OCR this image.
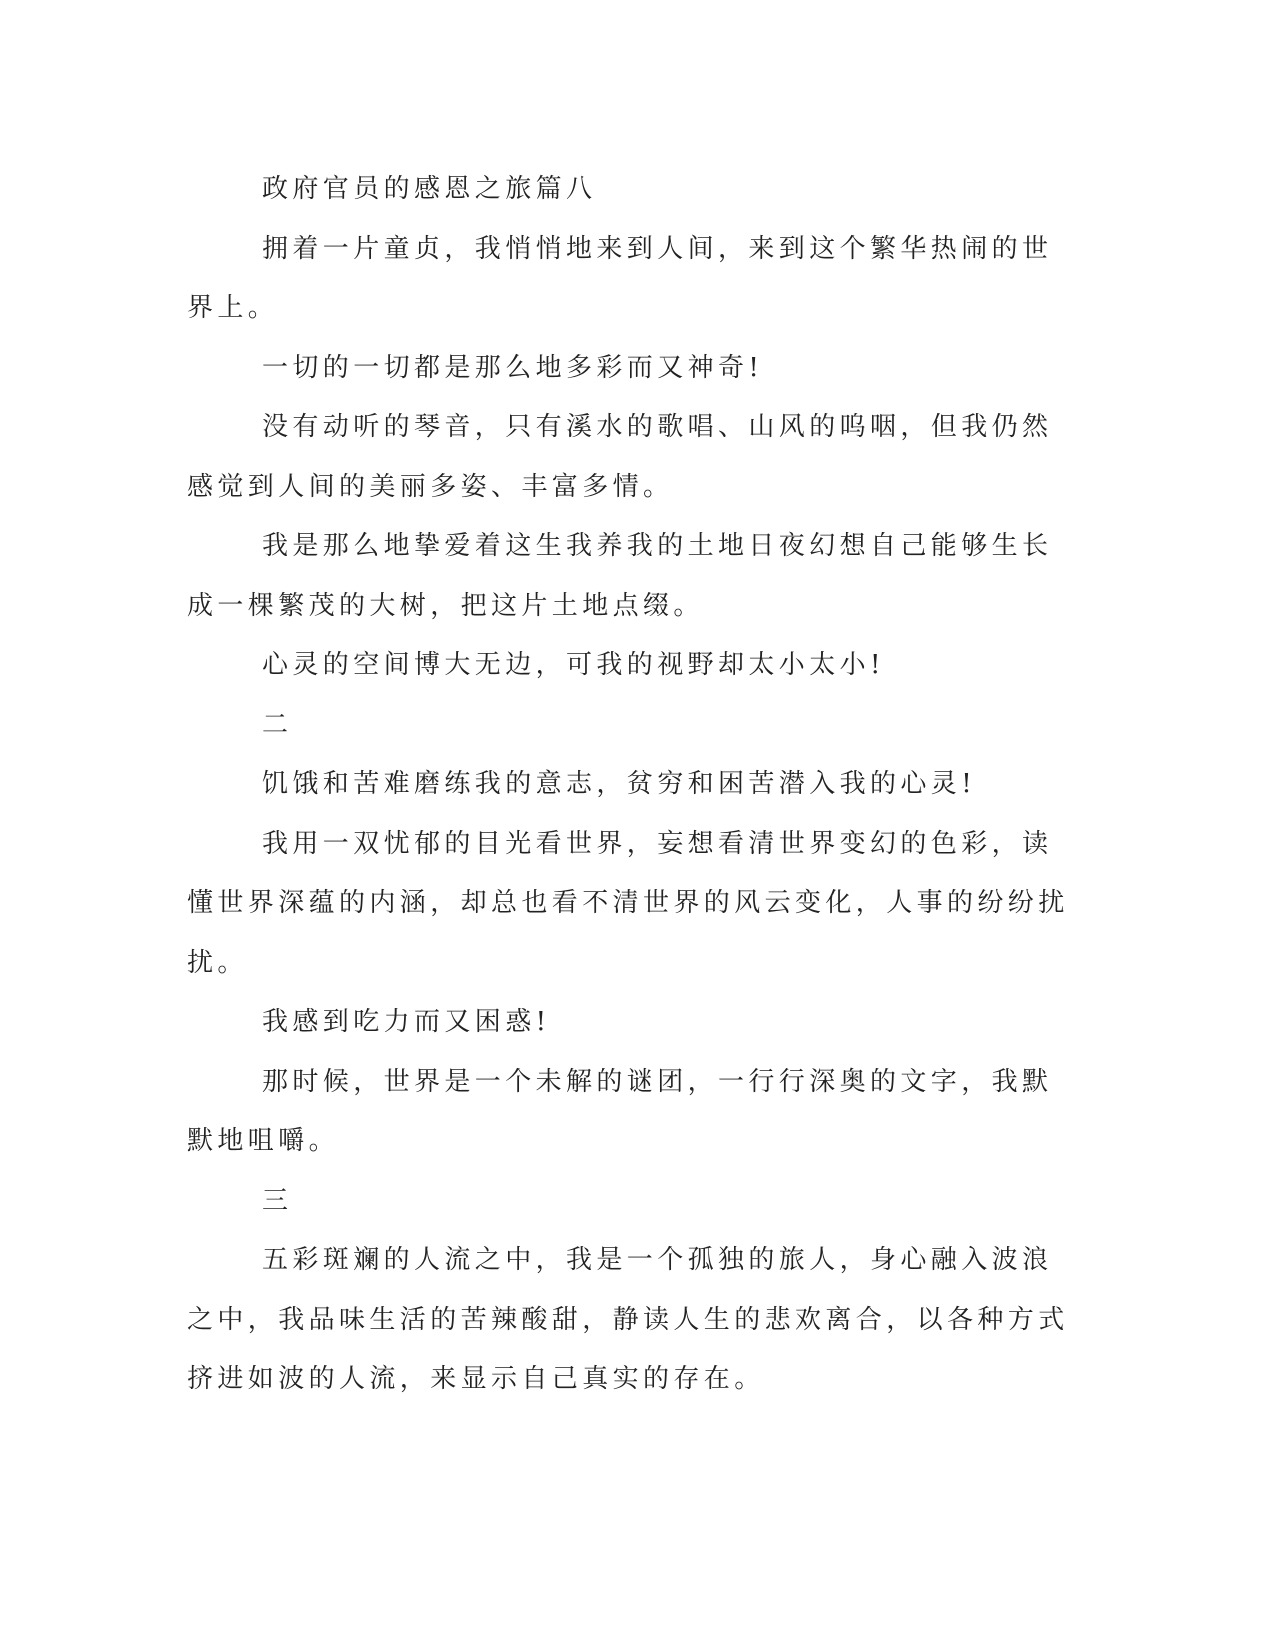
政府官员的感恩之旅篇八

拥着一片童贞，我悄悄地来到人间，来到这个繁华热闹的世界上。

一切的一切都是那么地多彩而又神奇!

没有动听的琴音，只有溪水的歌唱、山风的呜咽，但我仍然感觉到人间的美丽多姿、丰富多情。

我是那么地挚爱着这生我养我的土地日夜幻想自己能够生长成一棵繁茂的大树，把这片土地点缀。

心灵的空间博大无边，可我的视野却太小太小!

二

饥饿和苦难磨练我的意志，贫穷和困苦潜入我的心灵!

我用一双忧郁的目光看世界，妄想看清世界变幻的色彩，读懂世界深蕴的内涵，却总也看不清世界的风云变化，人事的纷纷扰扰。

我感到吃力而又困惑!

那时候，世界是一个未解的谜团，一行行深奥的文字，我默默地咀嚼。

三

五彩斑斓的人流之中，我是一个孤独的旅人，身心融入波浪之中，我品味生活的苦辣酸甜，静读人生的悲欢离合，以各种方式挤进如波的人流，来显示自己真实的存在。
